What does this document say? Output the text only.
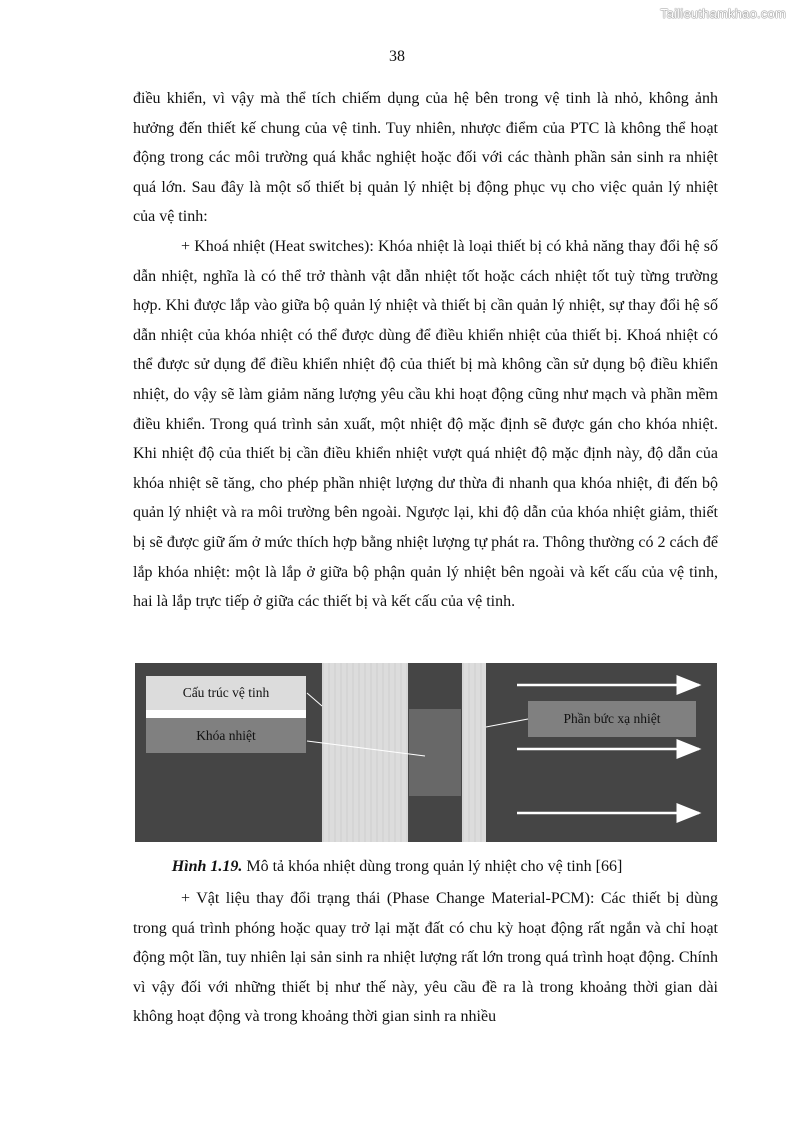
Tailieuthamkhao.com
38

điều khiển, vì vậy mà thể tích chiếm dụng của hệ bên trong vệ tinh là nhỏ, không ảnh hưởng đến thiết kế chung của vệ tinh. Tuy nhiên, nhược điểm của PTC là không thể hoạt động trong các môi trường quá khắc nghiệt hoặc đối với các thành phần sản sinh ra nhiệt quá lớn. Sau đây là một số thiết bị quản lý nhiệt bị động phục vụ cho việc quản lý nhiệt của vệ tinh:

+ Khoá nhiệt (Heat switches): Khóa nhiệt là loại thiết bị có khả năng thay đổi hệ số dẫn nhiệt, nghĩa là có thể trở thành vật dẫn nhiệt tốt hoặc cách nhiệt tốt tuỳ từng trường hợp. Khi được lắp vào giữa bộ quản lý nhiệt và thiết bị cần quản lý nhiệt, sự thay đổi hệ số dẫn nhiệt của khóa nhiệt có thể được dùng để điều khiển nhiệt của thiết bị. Khoá nhiệt có thể được sử dụng để điều khiển nhiệt độ của thiết bị mà không cần sử dụng bộ điều khiển nhiệt, do vậy sẽ làm giảm năng lượng yêu cầu khi hoạt động cũng như mạch và phần mềm điều khiển. Trong quá trình sản xuất, một nhiệt độ mặc định sẽ được gán cho khóa nhiệt. Khi nhiệt độ của thiết bị cần điều khiển nhiệt vượt quá nhiệt độ mặc định này, độ dẫn của khóa nhiệt sẽ tăng, cho phép phần nhiệt lượng dư thừa đi nhanh qua khóa nhiệt, đi đến bộ quản lý nhiệt và ra môi trường bên ngoài. Ngược lại, khi độ dẫn của khóa nhiệt giảm, thiết bị sẽ được giữ ấm ở mức thích hợp bằng nhiệt lượng tự phát ra. Thông thường có 2 cách để lắp khóa nhiệt: một là lắp ở giữa bộ phận quản lý nhiệt bên ngoài và kết cấu của vệ tinh, hai là lắp trực tiếp ở giữa các thiết bị và kết cấu của vệ tinh.

Cấu trúc vệ tinh
Khóa nhiệt
Phần bức xạ nhiệt
Hình 1.19. Mô tả khóa nhiệt dùng trong quản lý nhiệt cho vệ tinh [66]

+ Vật liệu thay đổi trạng thái (Phase Change Material-PCM): Các thiết bị dùng trong quá trình phóng hoặc quay trở lại mặt đất có chu kỳ hoạt động rất ngắn và chỉ hoạt động một lần, tuy nhiên lại sản sinh ra nhiệt lượng rất lớn trong quá trình hoạt động. Chính vì vậy đối với những thiết bị như thế này, yêu cầu đề ra là trong khoảng thời gian dài không hoạt động và trong khoảng thời gian sinh ra nhiều
